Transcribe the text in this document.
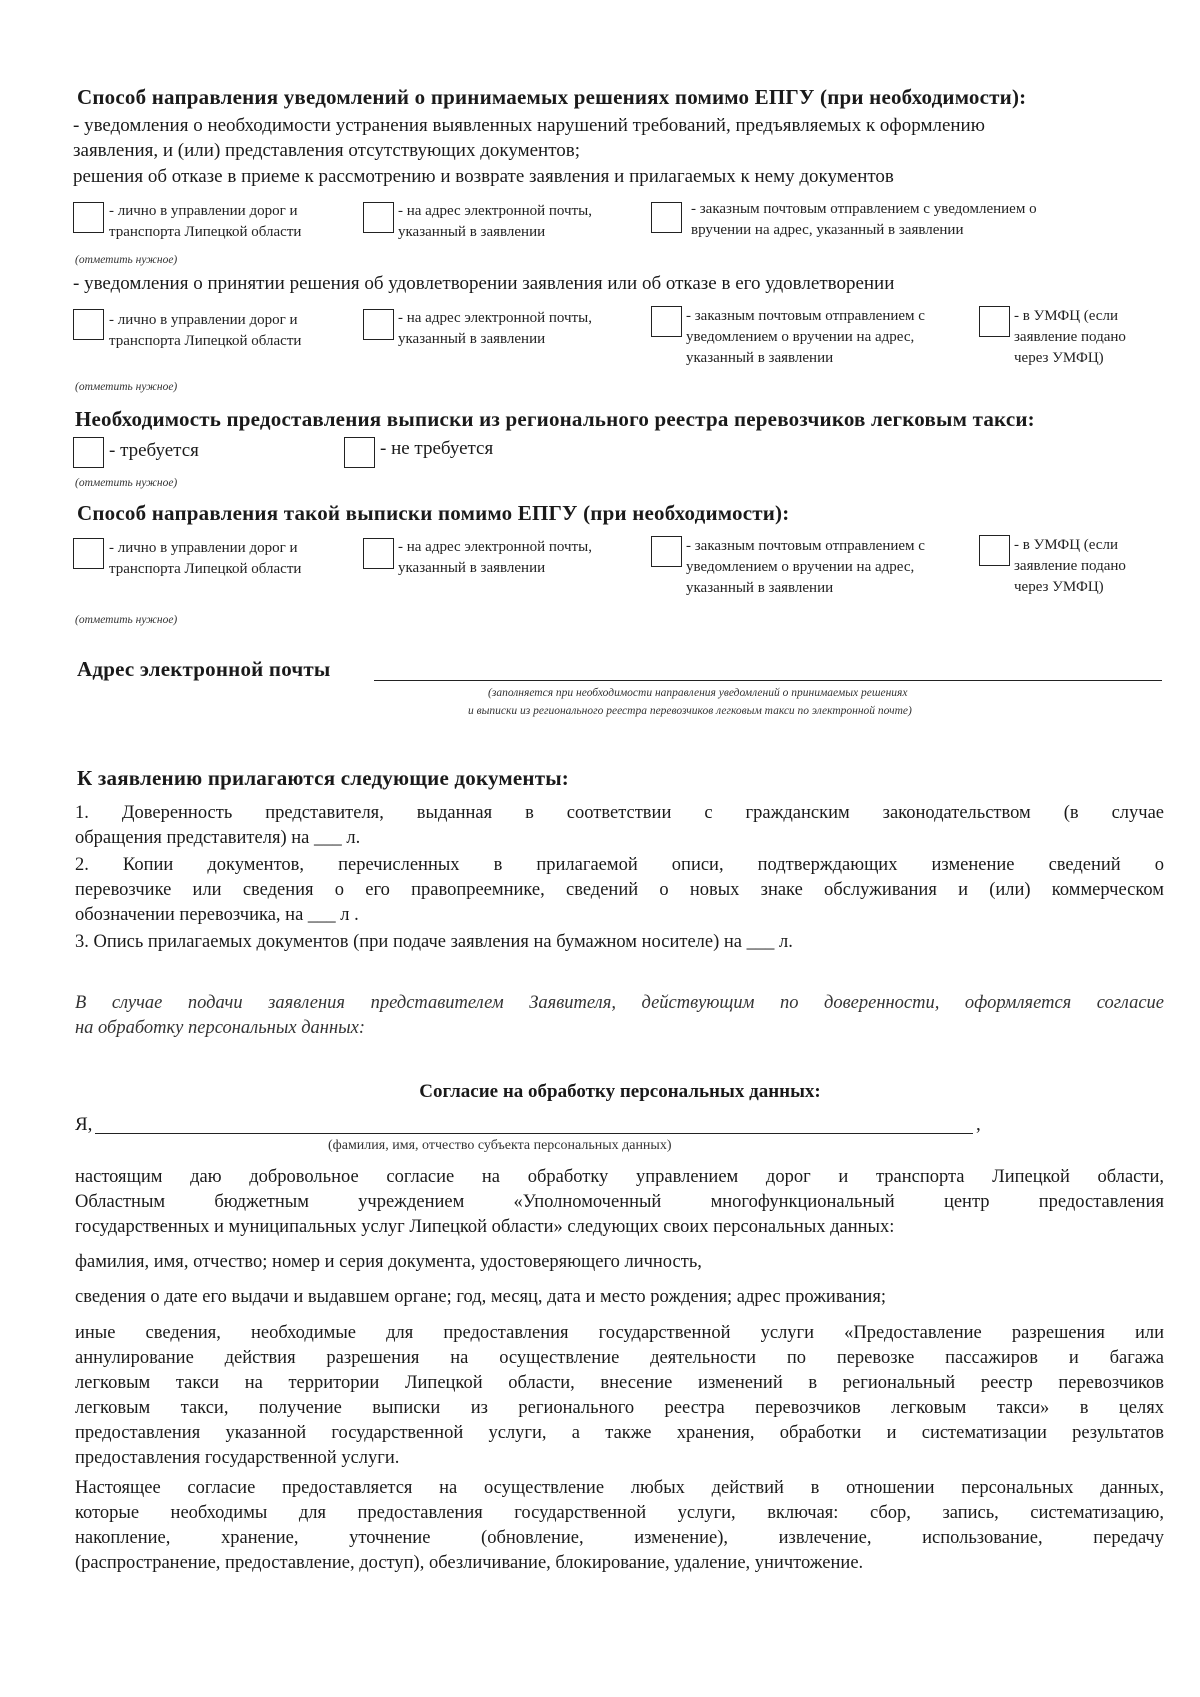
Способ направления уведомлений о принимаемых решениях помимо ЕПГУ (при необходимости):
- уведомления о необходимости устранения выявленных нарушений требований, предъявляемых к оформлению
заявления, и (или) представления отсутствующих документов;
решения об отказе в приеме к рассмотрению и возврате заявления и прилагаемых к нему документов
- лично в управлении дорог и
транспорта Липецкой области
- на адрес электронной почты,
указанный в заявлении
- заказным почтовым отправлением с уведомлением о
вручении на адрес, указанный в заявлении
(отметить нужное)
- уведомления о принятии решения об удовлетворении заявления или об отказе в его удовлетворении
- лично в управлении дорог и
транспорта Липецкой области
- на адрес электронной почты,
указанный в заявлении
- заказным почтовым отправлением с
уведомлением о вручении на адрес,
указанный в заявлении
- в УМФЦ (если
заявление подано
через УМФЦ)
(отметить нужное)
Необходимость предоставления выписки из регионального реестра перевозчиков легковым такси:
- требуется	- не требуется
(отметить нужное)
Способ направления такой выписки помимо ЕПГУ (при необходимости):
- лично в управлении дорог и
транспорта Липецкой области
- на адрес электронной почты,
указанный в заявлении
- заказным почтовым отправлением с
уведомлением о вручении на адрес,
указанный в заявлении
- в УМФЦ (если
заявление подано
через УМФЦ)
(отметить нужное)
Адрес электронной почты
(заполняется при необходимости направления уведомлений о принимаемых решениях
и выписки из регионального реестра перевозчиков легковым такси по электронной почте)
К заявлению прилагаются следующие документы:
1. Доверенность представителя, выданная в соответствии с гражданским законодательством (в случае
обращения представителя) на ___ л.
2. Копии документов, перечисленных в прилагаемой описи, подтверждающих изменение сведений о
перевозчике или сведения о его правопреемнике, сведений о новых знаке обслуживания и (или) коммерческом
обозначении перевозчика, на ___ л .
3. Опись прилагаемых документов (при подаче заявления на бумажном носителе) на ___ л.
В случае подачи заявления представителем Заявителя, действующим по доверенности, оформляется согласие
на обработку персональных данных:
Согласие на обработку персональных данных:
Я,	,
(фамилия, имя, отчество субъекта персональных данных)
настоящим даю добровольное согласие на обработку управлением дорог и транспорта Липецкой области,
Областным бюджетным учреждением «Уполномоченный многофункциональный центр предоставления
государственных и муниципальных услуг Липецкой области» следующих своих персональных данных:
фамилия, имя, отчество; номер и серия документа, удостоверяющего личность,
сведения о дате его выдачи и выдавшем органе; год, месяц, дата и место рождения; адрес проживания;
иные сведения, необходимые для предоставления государственной услуги «Предоставление разрешения или
аннулирование действия разрешения на осуществление деятельности по перевозке пассажиров и багажа
легковым такси на территории Липецкой области, внесение изменений в региональный реестр перевозчиков
легковым такси, получение выписки из регионального реестра перевозчиков легковым такси» в целях
предоставления указанной государственной услуги, а также хранения, обработки и систематизации результатов
предоставления государственной услуги.
Настоящее согласие предоставляется на осуществление любых действий в отношении персональных данных,
которые необходимы для предоставления государственной услуги, включая: сбор, запись, систематизацию,
накопление, хранение, уточнение (обновление, изменение), извлечение, использование, передачу
(распространение, предоставление, доступ), обезличивание, блокирование, удаление, уничтожение.
